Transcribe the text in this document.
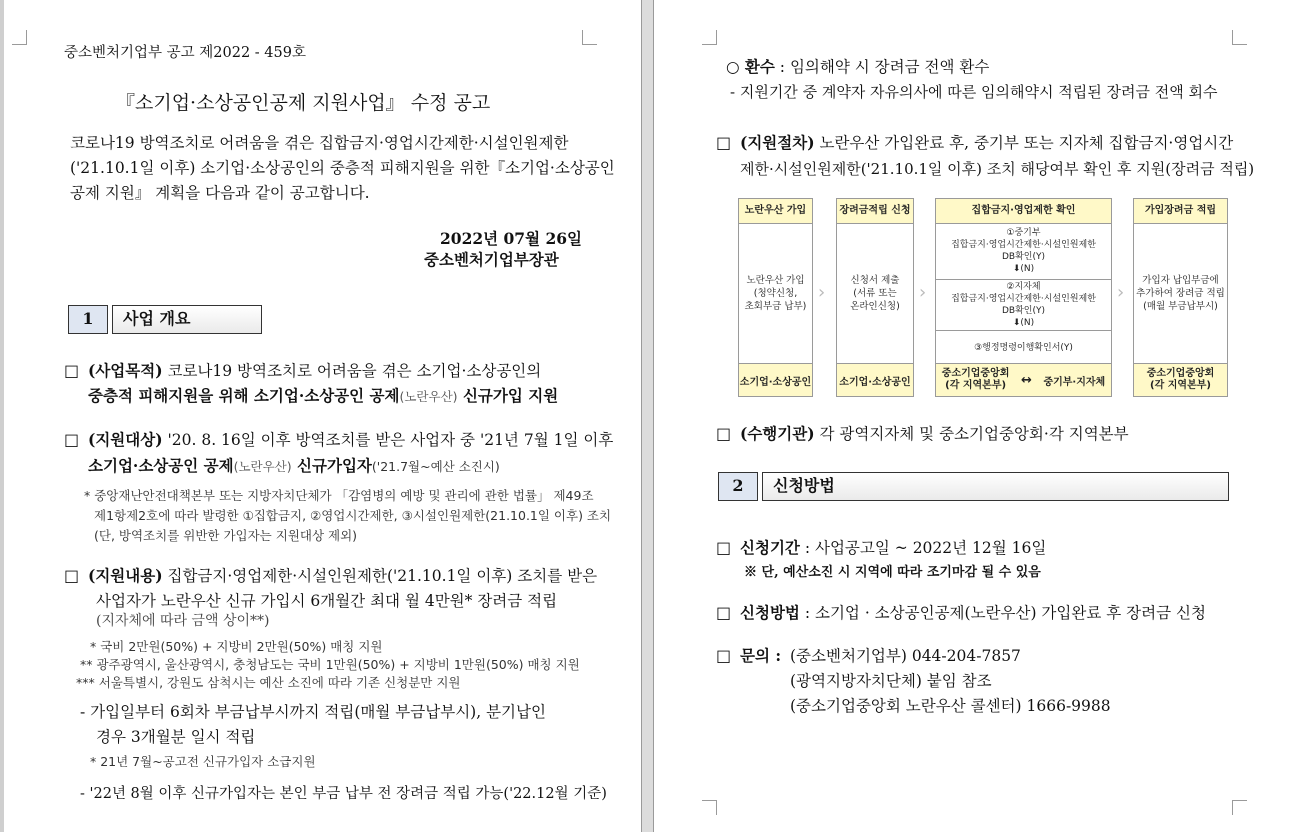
중소벤처기업부 공고 제2022 - 459호
『소기업·소상공인공제 지원사업』 수정 공고
코로나19 방역조치로 어려움을 겪은 집합금지·영업시간제한·시설인원제한
('21.10.1일 이후) 소기업·소상공인의 중층적 피해지원을 위한『소기업·소상공인
공제 지원』 계획을 다음과 같이 공고합니다.
2022년 07월 26일
중소벤처기업부장관
1	사업 개요
□ (사업목적) 코로나19 방역조치로 어려움을 겪은 소기업·소상공인의
중층적 피해지원을 위해 소기업·소상공인 공제(노란우산) 신규가입 지원
□ (지원대상) '20. 8. 16일 이후 방역조치를 받은 사업자 중 '21년 7월 1일 이후
소기업·소상공인 공제(노란우산) 신규가입자('21.7월~예산 소진시)
* 중앙재난안전대책본부 또는 지방자치단체가 「감염병의 예방 및 관리에 관한 법률」 제49조
제1항제2호에 따라 발령한 ①집합금지, ②영업시간제한, ③시설인원제한(21.10.1일 이후) 조치
(단, 방역조치를 위반한 가입자는 지원대상 제외)
□ (지원내용) 집합금지·영업제한·시설인원제한('21.10.1일 이후) 조치를 받은
사업자가 노란우산 신규 가입시 6개월간 최대 월 4만원* 장려금 적립
(지자체에 따라 금액 상이**)
* 국비 2만원(50%) + 지방비 2만원(50%) 매칭 지원
** 광주광역시, 울산광역시, 충청남도는 국비 1만원(50%) + 지방비 1만원(50%) 매칭 지원
*** 서울특별시, 강원도 삼척시는 예산 소진에 따라 기존 신청분만 지원
- 가입일부터 6회차 부금납부시까지 적립(매월 부금납부시), 분기납인
경우 3개월분 일시 적립
* 21년 7월~공고전 신규가입자 소급지원
- '22년 8월 이후 신규가입자는 본인 부금 납부 전 장려금 적립 가능('22.12월 기준)
○ 환수 : 임의해약 시 장려금 전액 환수
- 지원기간 중 계약자 자유의사에 따른 임의해약시 적립된 장려금 전액 회수
□ (지원절차) 노란우산 가입완료 후, 중기부 또는 지자체 집합금지·영업시간
제한·시설인원제한('21.10.1일 이후) 조치 해당여부 확인 후 지원(장려금 적립)
노란우산 가입
노란우산 가입
(청약신청,
초회부금 납부)
소기업·소상공인
›
장려금적립 신청
신청서 제출
(서류 또는
온라인신청)
소기업·소상공인
›
집합금지·영업제한 확인
①중기부
집합금지·영업시간제한·시설인원제한
DB확인(Y)
⬇(N)
②지자체
집합금지·영업시간제한·시설인원제한
DB확인(Y)
⬇(N)
③행정명령이행확인서(Y)
중소기업중앙회
(각 지역본부) ↔ 중기부·지자체
›
가입장려금 적립
가입자 납입부금에
추가하여 장려금 적립
(매월 부금납부시)
중소기업중앙회
(각 지역본부)
□ (수행기관) 각 광역지자체 및 중소기업중앙회·각 지역본부
2	신청방법
□ 신청기간 : 사업공고일 ~ 2022년 12월 16일
※ 단, 예산소진 시 지역에 따라 조기마감 될 수 있음
□ 신청방법 : 소기업 · 소상공인공제(노란우산) 가입완료 후 장려금 신청
□ 문의 : (중소벤처기업부) 044-204-7857
(광역지방자치단체) 붙임 참조
(중소기업중앙회 노란우산 콜센터) 1666-9988
